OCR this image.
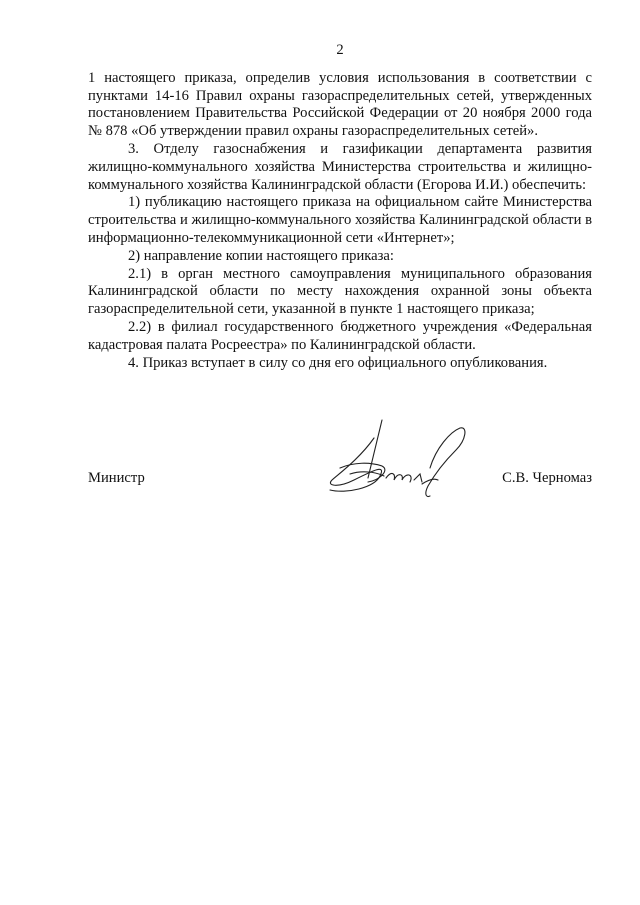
2

1 настоящего приказа, определив условия использования в соответствии с пунктами 14-16 Правил охраны газораспределительных сетей, утвержденных постановлением Правительства Российской Федерации от 20 ноября 2000 года № 878 «Об утверждении правил охраны газораспределительных сетей».

3. Отделу газоснабжения и газификации департамента развития жилищно-коммунального хозяйства Министерства строительства и жилищно-коммунального хозяйства Калининградской области (Егорова И.И.) обеспечить:

1) публикацию настоящего приказа на официальном сайте Министерства строительства и жилищно-коммунального хозяйства Калининградской области в информационно-телекоммуникационной сети «Интернет»;

2) направление копии настоящего приказа:

2.1) в орган местного самоуправления муниципального образования Калининградской области по месту нахождения охранной зоны объекта газораспределительной сети, указанной в пункте 1 настоящего приказа;

2.2) в филиал государственного бюджетного учреждения «Федеральная кадастровая палата Росреестра» по Калининградской области.

4. Приказ вступает в силу со дня его официального опубликования.

Министр	С.В. Черномаз
